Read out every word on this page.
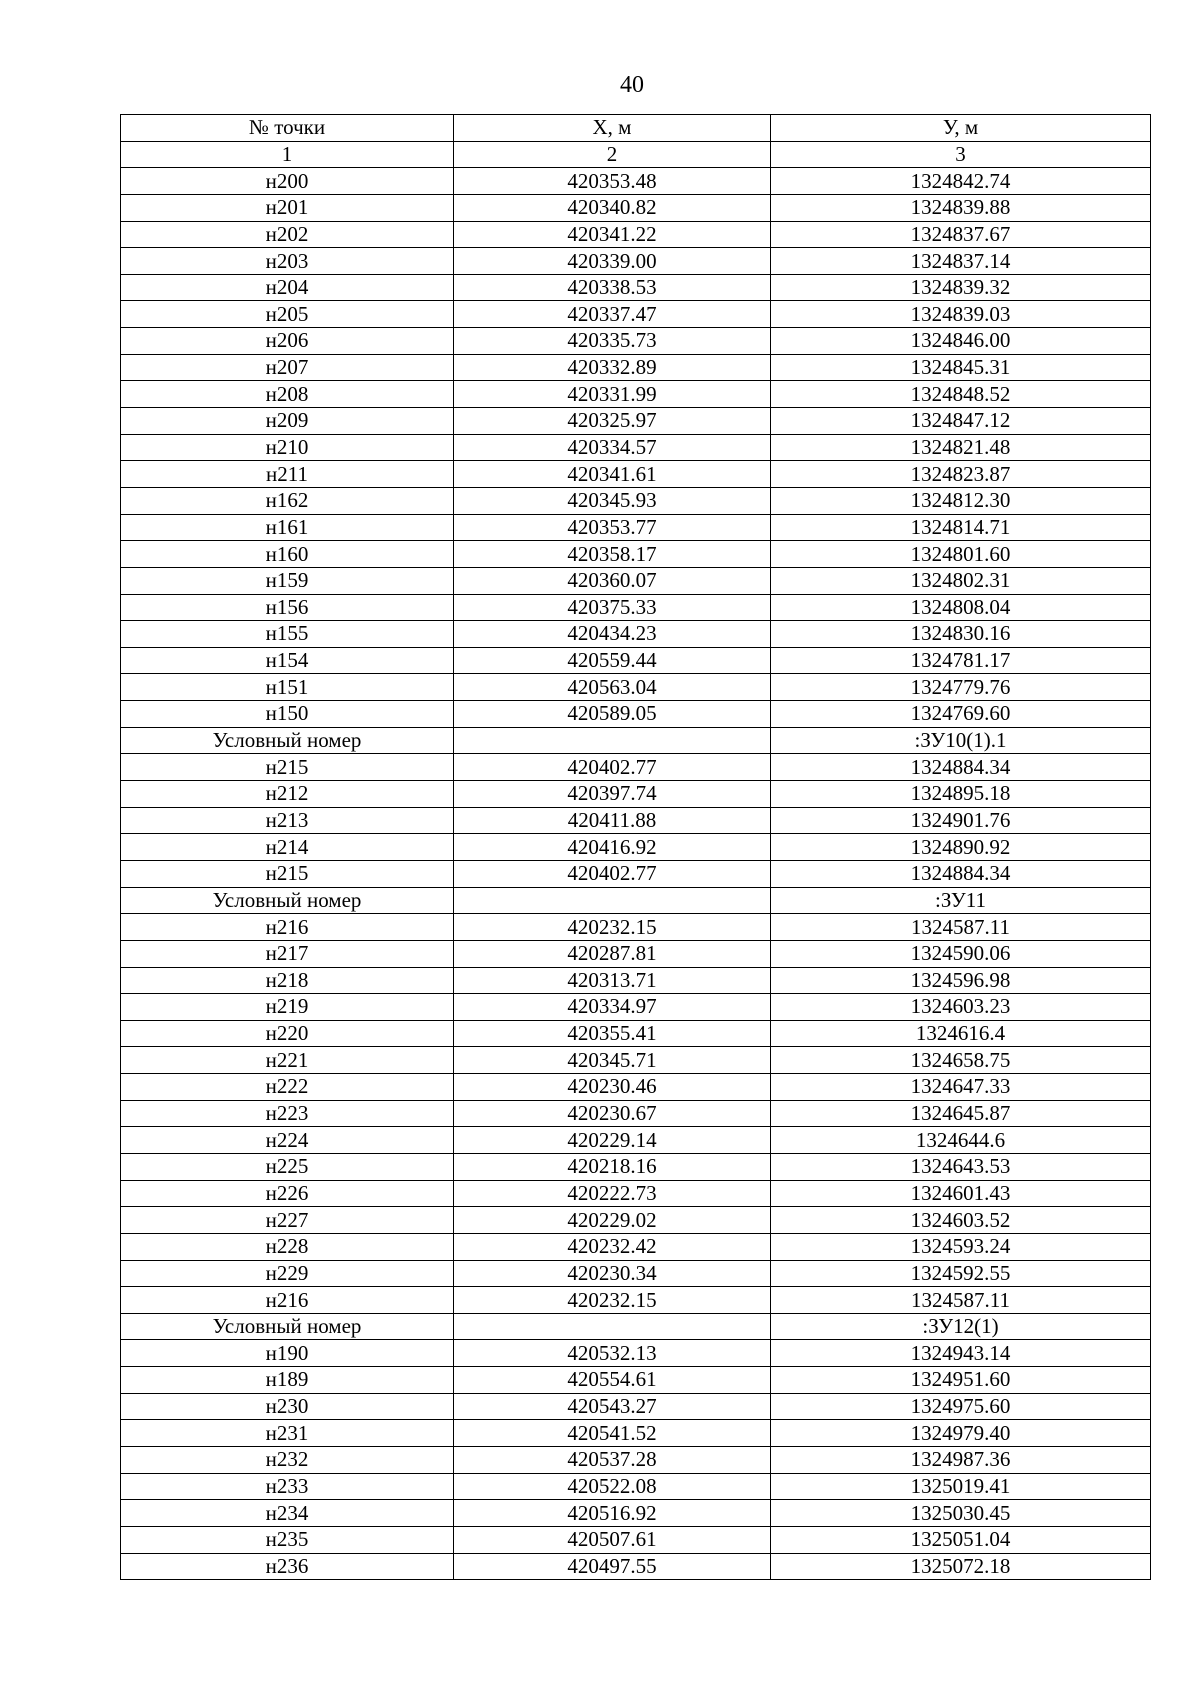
40
№ точки	X, м	У, м
1	2	3
н200	420353.48	1324842.74
н201	420340.82	1324839.88
н202	420341.22	1324837.67
н203	420339.00	1324837.14
н204	420338.53	1324839.32
н205	420337.47	1324839.03
н206	420335.73	1324846.00
н207	420332.89	1324845.31
н208	420331.99	1324848.52
н209	420325.97	1324847.12
н210	420334.57	1324821.48
н211	420341.61	1324823.87
н162	420345.93	1324812.30
н161	420353.77	1324814.71
н160	420358.17	1324801.60
н159	420360.07	1324802.31
н156	420375.33	1324808.04
н155	420434.23	1324830.16
н154	420559.44	1324781.17
н151	420563.04	1324779.76
н150	420589.05	1324769.60
Условный номер		:ЗУ10(1).1
н215	420402.77	1324884.34
н212	420397.74	1324895.18
н213	420411.88	1324901.76
н214	420416.92	1324890.92
н215	420402.77	1324884.34
Условный номер		:ЗУ11
н216	420232.15	1324587.11
н217	420287.81	1324590.06
н218	420313.71	1324596.98
н219	420334.97	1324603.23
н220	420355.41	1324616.4
н221	420345.71	1324658.75
н222	420230.46	1324647.33
н223	420230.67	1324645.87
н224	420229.14	1324644.6
н225	420218.16	1324643.53
н226	420222.73	1324601.43
н227	420229.02	1324603.52
н228	420232.42	1324593.24
н229	420230.34	1324592.55
н216	420232.15	1324587.11
Условный номер		:ЗУ12(1)
н190	420532.13	1324943.14
н189	420554.61	1324951.60
н230	420543.27	1324975.60
н231	420541.52	1324979.40
н232	420537.28	1324987.36
н233	420522.08	1325019.41
н234	420516.92	1325030.45
н235	420507.61	1325051.04
н236	420497.55	1325072.18
